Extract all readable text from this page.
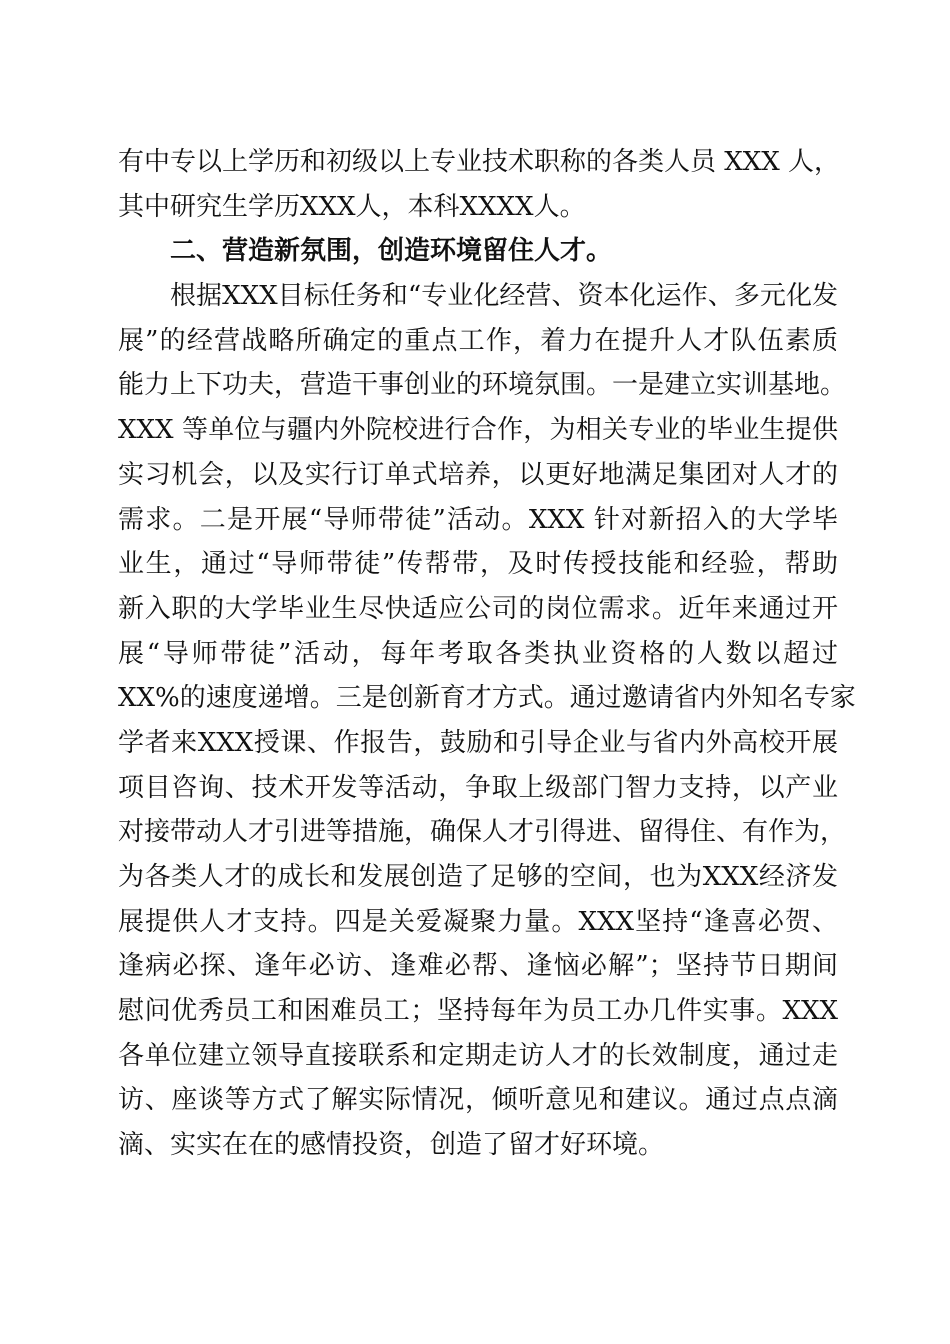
有中专以上学历和初级以上专业技术职称的各类人员 XXX 人，
其中研究生学历XXX人，本科XXXX人。
二、营造新氛围，创造环境留住人才。
根据XXX目标任务和“专业化经营、资本化运作、多元化发
展”的经营战略所确定的重点工作，着力在提升人才队伍素质
能力上下功夫，营造干事创业的环境氛围。一是建立实训基地。
XXX 等单位与疆内外院校进行合作，为相关专业的毕业生提供
实习机会，以及实行订单式培养，以更好地满足集团对人才的
需求。二是开展“导师带徒”活动。XXX 针对新招入的大学毕
业生，通过“导师带徒”传帮带，及时传授技能和经验，帮助
新入职的大学毕业生尽快适应公司的岗位需求。近年来通过开
展“导师带徒”活动，每年考取各类执业资格的人数以超过
XX%的速度递增。三是创新育才方式。通过邀请省内外知名专家
学者来XXX授课、作报告，鼓励和引导企业与省内外高校开展
项目咨询、技术开发等活动，争取上级部门智力支持，以产业
对接带动人才引进等措施，确保人才引得进、留得住、有作为，
为各类人才的成长和发展创造了足够的空间，也为XXX经济发
展提供人才支持。四是关爱凝聚力量。XXX坚持“逢喜必贺、
逢病必探、逢年必访、逢难必帮、逢恼必解”；坚持节日期间
慰问优秀员工和困难员工；坚持每年为员工办几件实事。XXX
各单位建立领导直接联系和定期走访人才的长效制度，通过走
访、座谈等方式了解实际情况，倾听意见和建议。通过点点滴
滴、实实在在的感情投资，创造了留才好环境。
